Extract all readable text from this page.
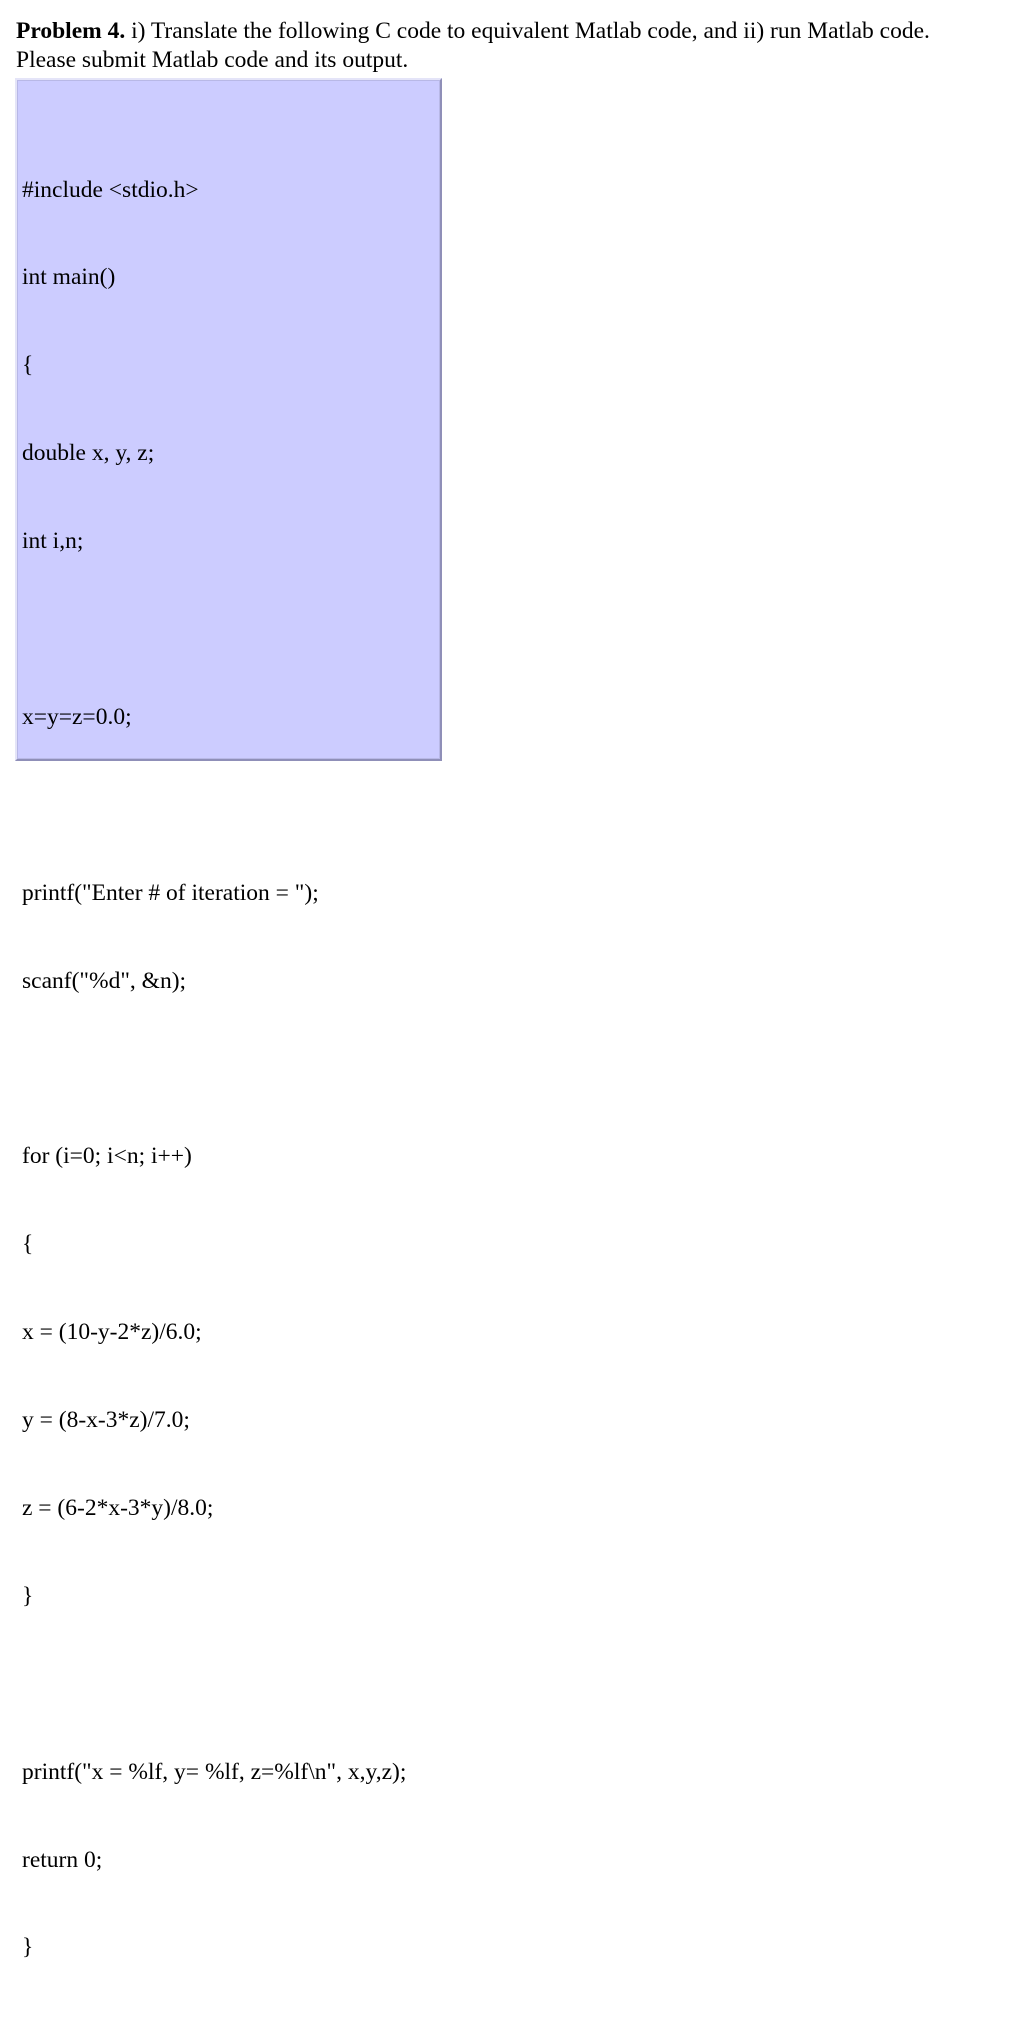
Problem 4. i) Translate the following C code to equivalent Matlab code, and ii) run Matlab code.
Please submit Matlab code and its output.

#include <stdio.h>

int main()

{

double x, y, z;

int i,n;

x=y=z=0.0;

printf("Enter # of iteration = ");

scanf("%d", &n);

for (i=0; i<n; i++)

{

x = (10-y-2*z)/6.0;

y = (8-x-3*z)/7.0;

z = (6-2*x-3*y)/8.0;

}

printf("x = %lf, y= %lf, z=%lf\n", x,y,z);

return 0;

}
